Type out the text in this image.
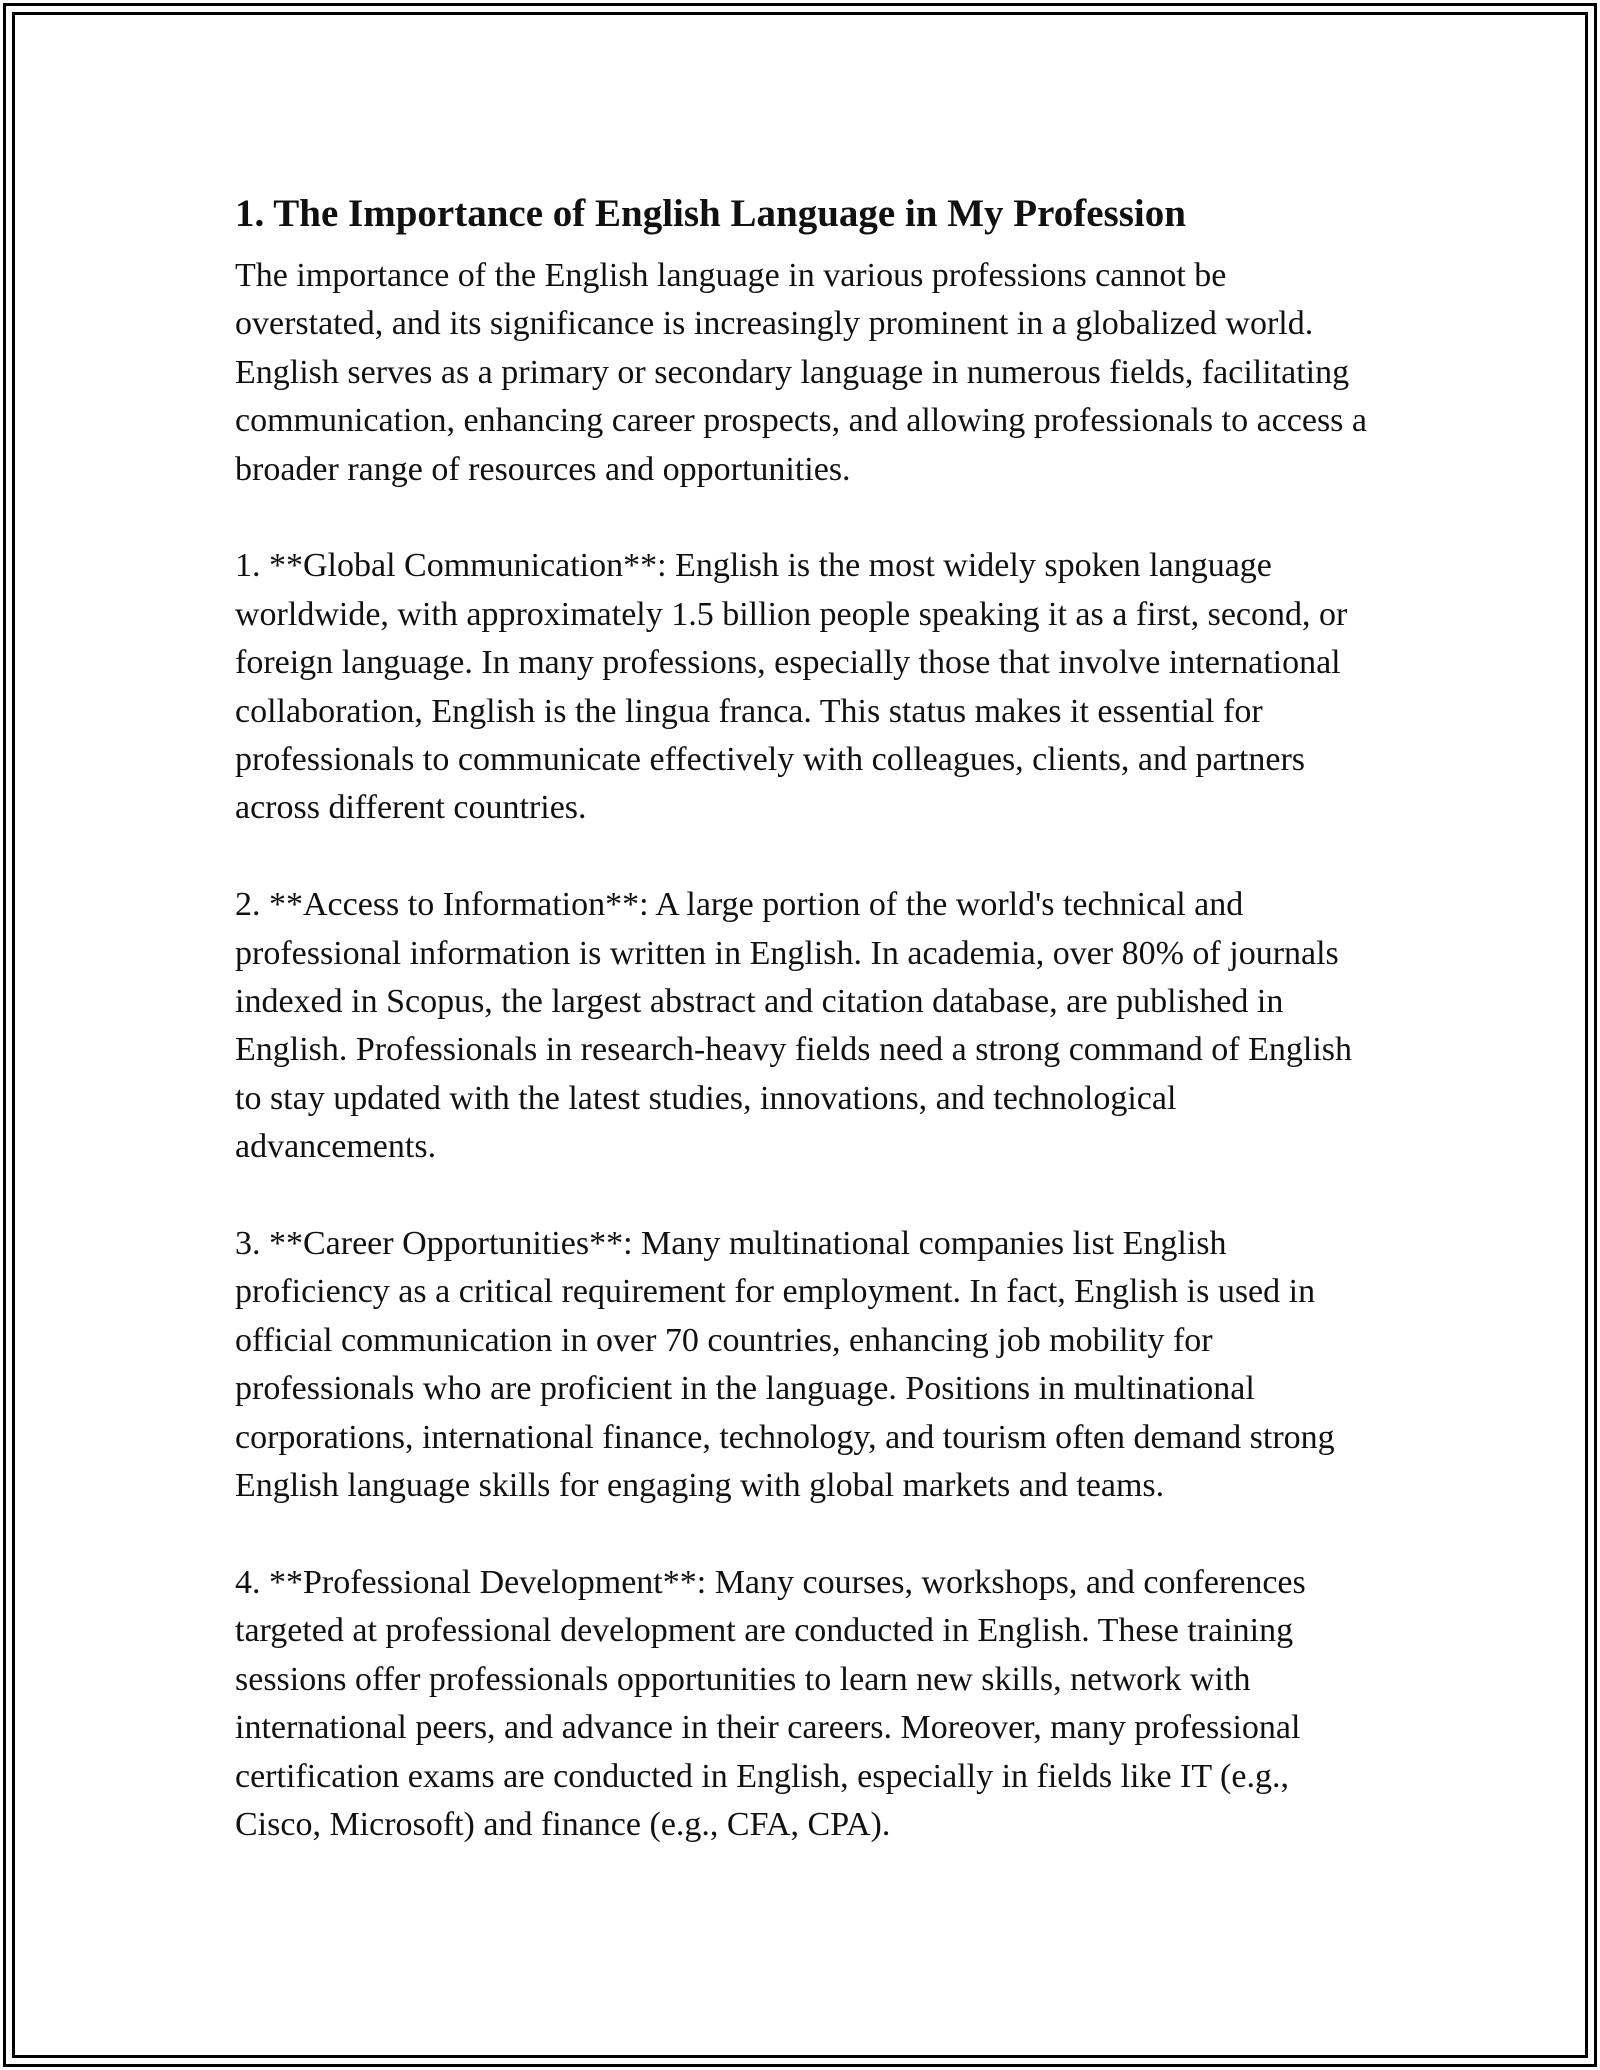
1. The Importance of English Language in My Profession

The importance of the English language in various professions cannot be overstated, and its significance is increasingly prominent in a globalized world. English serves as a primary or secondary language in numerous fields, facilitating communication, enhancing career prospects, and allowing professionals to access a broader range of resources and opportunities.

1. **Global Communication**: English is the most widely spoken language worldwide, with approximately 1.5 billion people speaking it as a first, second, or foreign language. In many professions, especially those that involve international collaboration, English is the lingua franca. This status makes it essential for professionals to communicate effectively with colleagues, clients, and partners across different countries.

2. **Access to Information**: A large portion of the world's technical and professional information is written in English. In academia, over 80% of journals indexed in Scopus, the largest abstract and citation database, are published in English. Professionals in research-heavy fields need a strong command of English to stay updated with the latest studies, innovations, and technological advancements.

3. **Career Opportunities**: Many multinational companies list English proficiency as a critical requirement for employment. In fact, English is used in official communication in over 70 countries, enhancing job mobility for professionals who are proficient in the language. Positions in multinational corporations, international finance, technology, and tourism often demand strong English language skills for engaging with global markets and teams.

4. **Professional Development**: Many courses, workshops, and conferences targeted at professional development are conducted in English. These training sessions offer professionals opportunities to learn new skills, network with international peers, and advance in their careers. Moreover, many professional certification exams are conducted in English, especially in fields like IT (e.g., Cisco, Microsoft) and finance (e.g., CFA, CPA).
